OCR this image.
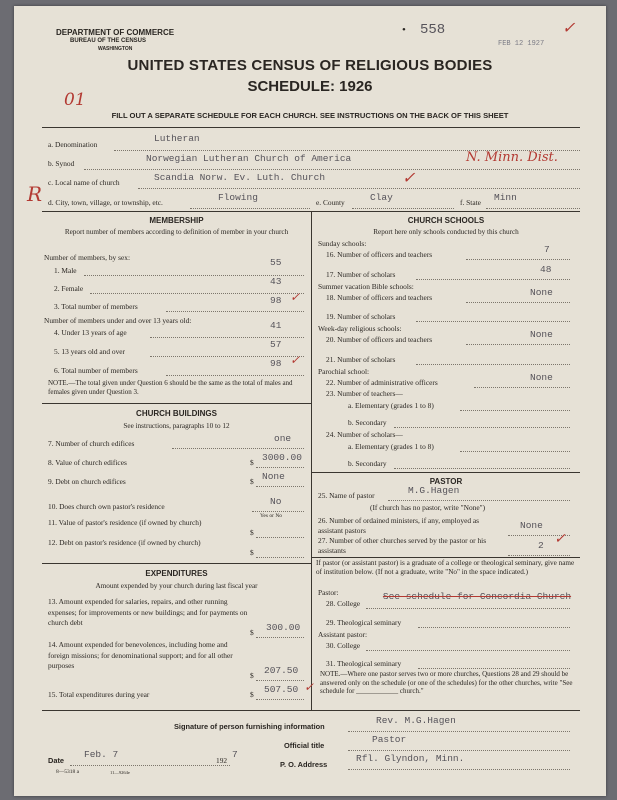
DEPARTMENT OF COMMERCE
BUREAU OF THE CENSUS
WASHINGTON
• 558
FEB 12 1927
✓
UNITED STATES CENSUS OF RELIGIOUS BODIES
SCHEDULE: 1926
01
FILL OUT A SEPARATE SCHEDULE FOR EACH CHURCH. SEE INSTRUCTIONS ON THE BACK OF THIS SHEET
a. Denomination
Lutheran
b. Synod	Norwegian Lutheran Church of America	N. Minn. Dist.
c. Local name of church	Scandia Norw. Ev. Luth. Church	✓
R d. City, town, village, or township, etc.	Flowing	e. County	Clay	f. State Minn
MEMBERSHIP
Report number of members according to definition of member in your church
Number of members, by sex:
1. Male
55
2. Female
43
3. Total number of members
98 ✓
Number of members under and over 13 years old:
4. Under 13 years of age
41
5. 13 years old and over
57
6. Total number of members
98 ✓
NOTE.—The total given under Question 6 should be the same as the total of males and females given under Question 3.
CHURCH BUILDINGS
See instructions, paragraphs 10 to 12
7. Number of church edifices	one
8. Value of church edifices	$ 3000.00
9. Debt on church edifices	$ None
10. Does church own pastor's residence	No
Yes or No
11. Value of pastor's residence (if owned by church)
$
12. Debt on pastor's residence (if owned by church)
$
EXPENDITURES
Amount expended by your church during last fiscal year
13. Amount expended for salaries, repairs, and other running expenses; for improvements or new buildings; and for payments on church debt
$ 300.00
14. Amount expended for benevolences, including home and foreign missions; for denominational support; and for all other purposes
$ 207.50
15. Total expenditures during year	$ 507.50 ✓
CHURCH SCHOOLS
Report here only schools conducted by this church
Sunday schools:
16. Number of officers and teachers	7
17. Number of scholars	48
Summer vacation Bible schools:
18. Number of officers and teachers	None
19. Number of scholars
Week-day religious schools:
20. Number of officers and teachers	None
21. Number of scholars
Parochial school:
22. Number of administrative officers	None
23. Number of teachers—
a. Elementary (grades 1 to 8)
b. Secondary
24. Number of scholars—
a. Elementary (grades 1 to 8)
b. Secondary
PASTOR
25. Name of pastor	M.G.Hagen
(If church has no pastor, write "None")
26. Number of ordained ministers, if any, employed as assistant pastors	None
27. Number of other churches served by the pastor or his assistants	2 ✓
If pastor (or assistant pastor) is a graduate of a college or theological seminary, give name of institution below. (If not a graduate, write "No" in the space indicated.)
Pastor:
28. College
See schedule for Concordia Church
29. Theological seminary
Assistant pastor:
30. College
31. Theological seminary
NOTE.—Where one pastor serves two or more churches, Questions 28 and 29 should be answered only on the schedule (or one of the schedules) for the other churches, write "See schedule for ____________ church."
Signature of person furnishing information
Rev. M.G.Hagen
Official title
Pastor
Date
Feb. 7
192
7
P. O. Address
Rfl. Glyndon, Minn.
8—5318 a	11—9264e
